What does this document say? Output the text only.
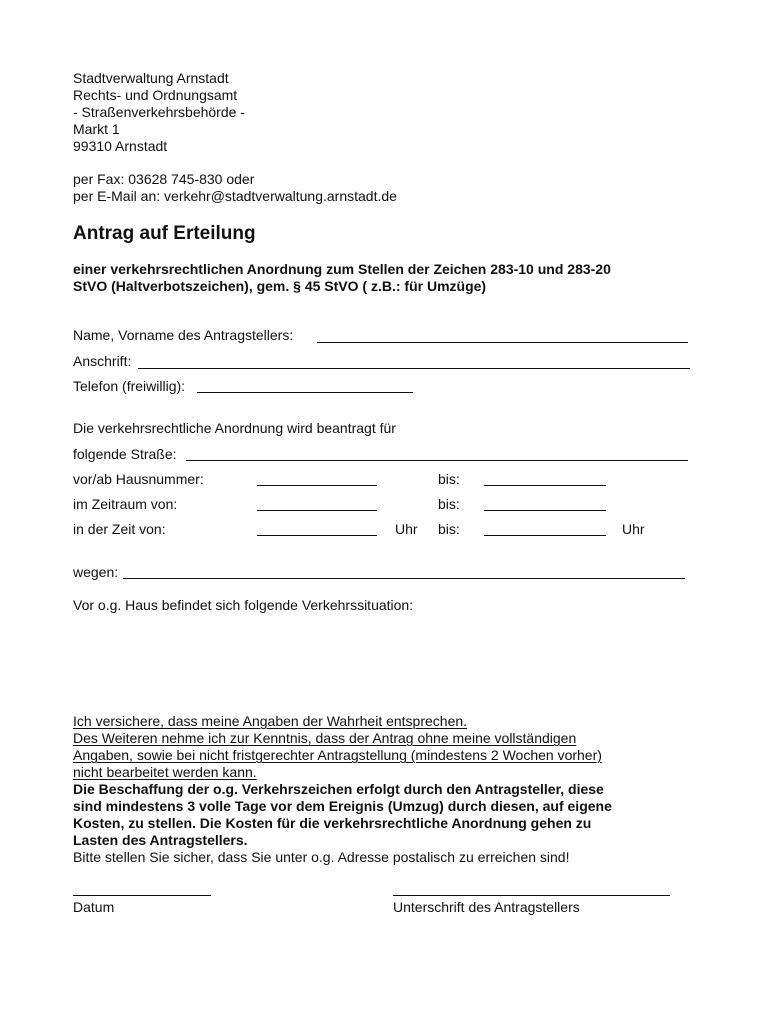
Stadtverwaltung Arnstadt
Rechts- und Ordnungsamt
- Straßenverkehrsbehörde -
Markt 1
99310 Arnstadt
per Fax: 03628 745-830 oder
per E-Mail an: verkehr@stadtverwaltung.arnstadt.de
Antrag auf Erteilung
einer verkehrsrechtlichen Anordnung zum Stellen der Zeichen 283-10 und 283-20
StVO (Haltverbotszeichen), gem. § 45 StVO ( z.B.: für Umzüge)
Name, Vorname des Antragstellers:
Anschrift:
Telefon (freiwillig):
Die verkehrsrechtliche Anordnung wird beantragt für
folgende Straße:
vor/ab Hausnummer:	bis:
im Zeitraum von:	bis:
in der Zeit von:	Uhr bis:	Uhr
wegen:
Vor o.g. Haus befindet sich folgende Verkehrssituation:
Ich versichere, dass meine Angaben der Wahrheit entsprechen.
Des Weiteren nehme ich zur Kenntnis, dass der Antrag ohne meine vollständigen
Angaben, sowie bei nicht fristgerechter Antragstellung (mindestens 2 Wochen vorher)
nicht bearbeitet werden kann.
Die Beschaffung der o.g. Verkehrszeichen erfolgt durch den Antragsteller, diese
sind mindestens 3 volle Tage vor dem Ereignis (Umzug) durch diesen, auf eigene
Kosten, zu stellen. Die Kosten für die verkehrsrechtliche Anordnung gehen zu
Lasten des Antragstellers.
Bitte stellen Sie sicher, dass Sie unter o.g. Adresse postalisch zu erreichen sind!
Datum	Unterschrift des Antragstellers
